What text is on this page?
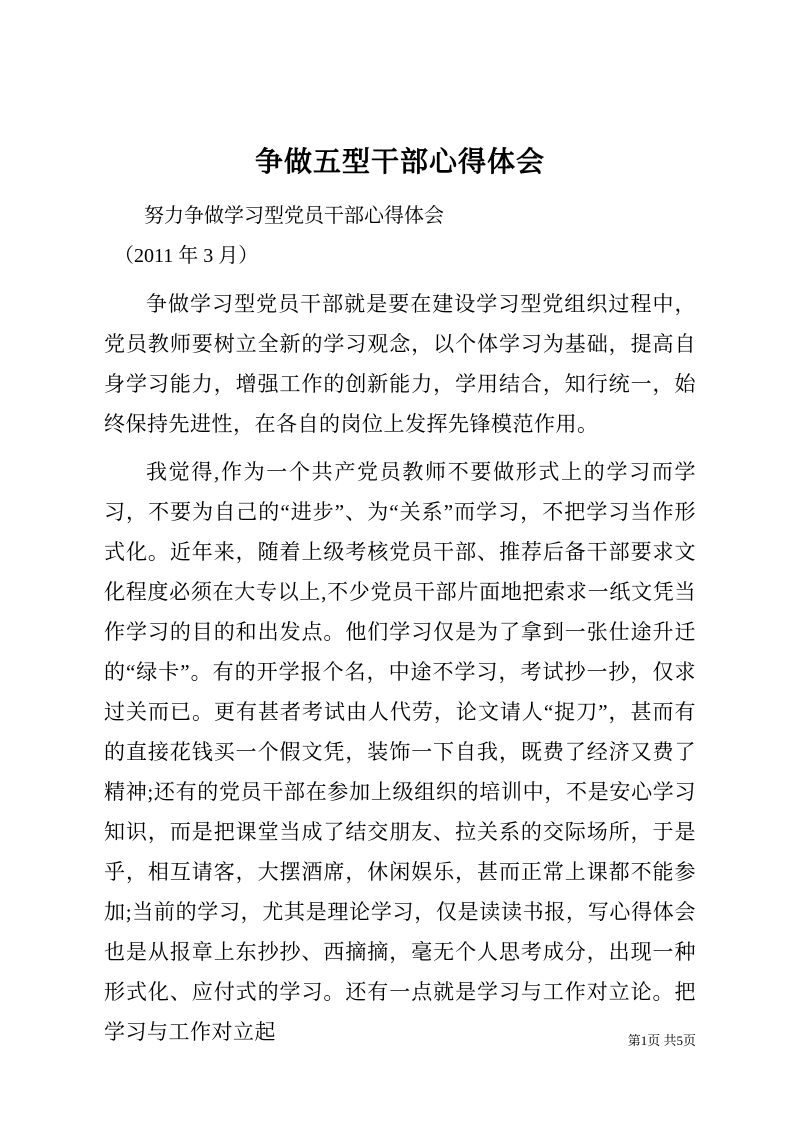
争做五型干部心得体会

努力争做学习型党员干部心得体会

（2011 年 3 月）

争做学习型党员干部就是要在建设学习型党组织过程中，党员教师要树立全新的学习观念，以个体学习为基础，提高自身学习能力，增强工作的创新能力，学用结合，知行统一，始终保持先进性，在各自的岗位上发挥先锋模范作用。

我觉得,作为一个共产党员教师不要做形式上的学习而学习，不要为自己的“进步”、为“关系”而学习，不把学习当作形式化。近年来，随着上级考核党员干部、推荐后备干部要求文化程度必须在大专以上,不少党员干部片面地把索求一纸文凭当作学习的目的和出发点。他们学习仅是为了拿到一张仕途升迁的“绿卡”。有的开学报个名，中途不学习，考试抄一抄，仅求过关而已。更有甚者考试由人代劳，论文请人“捉刀”，甚而有的直接花钱买一个假文凭，装饰一下自我，既费了经济又费了精神;还有的党员干部在参加上级组织的培训中，不是安心学习知识，而是把课堂当成了结交朋友、拉关系的交际场所，于是乎，相互请客，大摆酒席，休闲娱乐，甚而正常上课都不能参加;当前的学习，尤其是理论学习，仅是读读书报，写心得体会也是从报章上东抄抄、西摘摘，毫无个人思考成分，出现一种形式化、应付式的学习。还有一点就是学习与工作对立论。把学习与工作对立起	第1页 共5页
